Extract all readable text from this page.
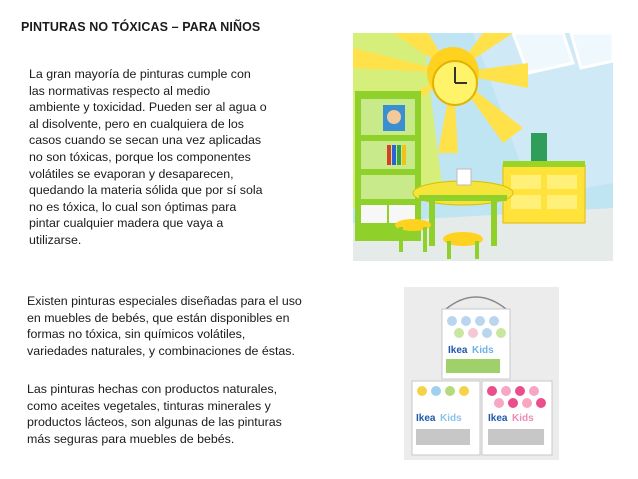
PINTURAS NO TÓXICAS – PARA NIÑOS
La gran mayoría de pinturas cumple con
las normativas respecto al medio
ambiente y toxicidad. Pueden ser al agua o
al disolvente, pero en cualquiera de los
casos cuando se secan una vez aplicadas
no son tóxicas, porque los componentes
volátiles se evaporan y desaparecen,
quedando la materia sólida que por sí sola
no es tóxica, lo cual son óptimas para
pintar cualquier madera que vaya a
utilizarse.
Existen pinturas especiales diseñadas para el uso
en muebles de bebés, que están disponibles en
formas no tóxica, sin químicos volátiles,
variedades naturales, y combinaciones de éstas.
Las pinturas hechas con productos naturales,
como aceites vegetales, tinturas minerales y
productos lácteos, son algunas de las pinturas
más seguras para muebles de bebés.
Ikea Kids
Ikea Kids	Ikea Kids
